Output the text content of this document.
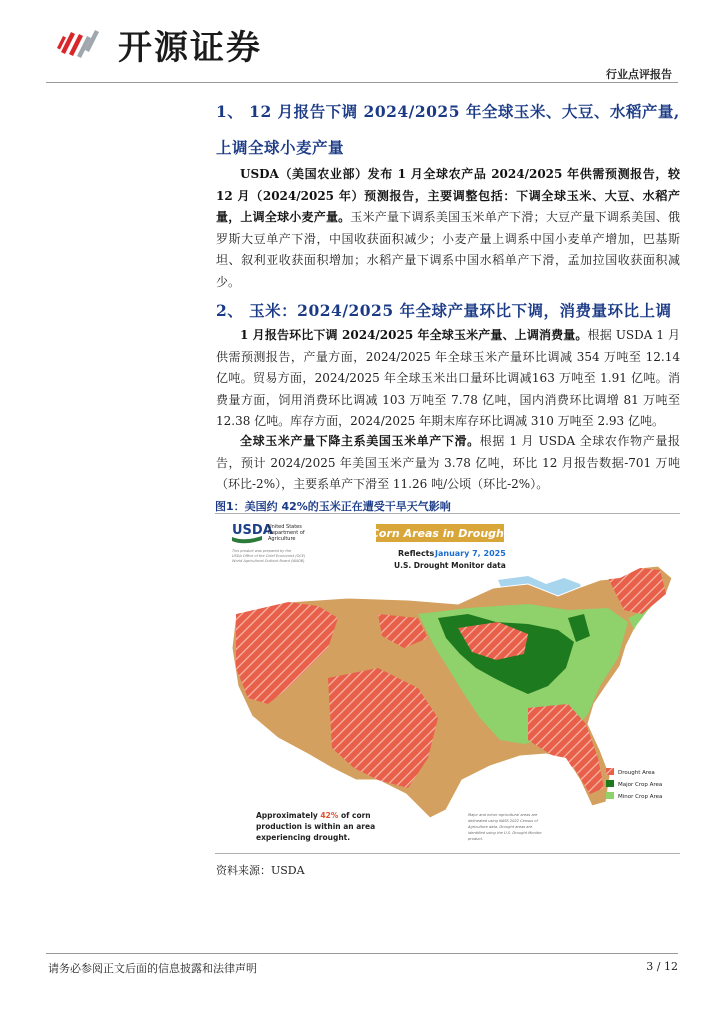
开源证券
行业点评报告
1、 12 月报告下调 2024/2025 年全球玉米、大豆、水稻产量,
上调全球小麦产量
USDA（美国农业部）发布 1 月全球农产品 2024/2025 年供需预测报告，较 12 月（2024/2025 年）预测报告，主要调整包括：下调全球玉米、大豆、水稻产量，上调全球小麦产量。玉米产量下调系美国玉米单产下滑；大豆产量下调系美国、俄罗斯大豆单产下滑，中国收获面积减少；小麦产量上调系中国小麦单产增加，巴基斯坦、叙利亚收获面积增加；水稻产量下调系中国水稻单产下滑，孟加拉国收获面积减少。
2、 玉米：2024/2025 年全球产量环比下调，消费量环比上调
1 月报告环比下调 2024/2025 年全球玉米产量、上调消费量。根据 USDA 1 月供需预测报告，产量方面，2024/2025 年全球玉米产量环比调减 354 万吨至 12.14 亿吨。贸易方面，2024/2025 年全球玉米出口量环比调减163 万吨至 1.91 亿吨。消费量方面，饲用消费环比调减 103 万吨至 7.78 亿吨，国内消费环比调增 81 万吨至 12.38 亿吨。库存方面，2024/2025 年期末库存环比调减 310 万吨至 2.93 亿吨。
全球玉米产量下降主系美国玉米单产下滑。根据 1 月 USDA 全球农作物产量报告，预计 2024/2025 年美国玉米产量为 3.78 亿吨，环比 12 月报告数据-701 万吨（环比-2%），主要系单产下滑至 11.26 吨/公顷（环比-2%）。
图1：美国约 42%的玉米正在遭受干旱天气影响
USDA
United States
Department of
Agriculture
This product was prepared by the
USDA Office of the Chief Economist (OCE)
World Agricultural Outlook Board (WAOB)
Corn Areas in Drought
Reflects January 7, 2025
U.S. Drought Monitor data
Drought Area
Major Crop Area
Minor Crop Area
Approximately 42% of corn
production is within an area
experiencing drought.
Major and minor agricultural areas are
delineated using NASS 2022 Census of
Agriculture data. Drought areas are
identified using the U.S. Drought Monitor
product.
资料来源：USDA
请务必参阅正文后面的信息披露和法律声明	3 / 12
